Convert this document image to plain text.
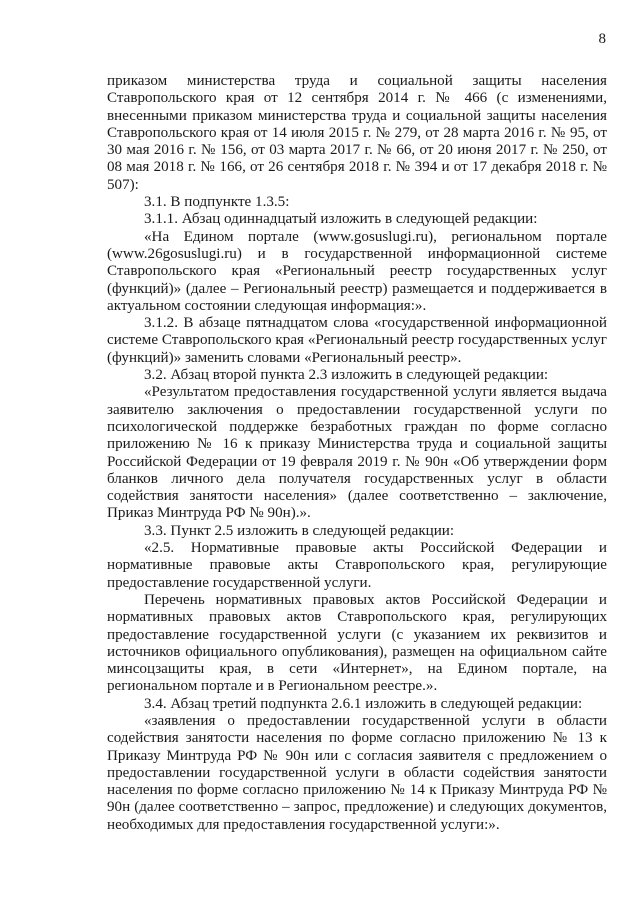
8

приказом министерства труда и социальной защиты населения Ставропольского края от 12 сентября 2014 г. № 466 (с изменениями, внесенными приказом министерства труда и социальной защиты населения Ставропольского края от 14 июля 2015 г. № 279, от 28 марта 2016 г. № 95, от 30 мая 2016 г. № 156, от 03 марта 2017 г. № 66, от 20 июня 2017 г. № 250, от 08 мая 2018 г. № 166, от 26 сентября 2018 г. № 394 и от 17 декабря 2018 г. № 507):

3.1. В подпункте 1.3.5:

3.1.1. Абзац одиннадцатый изложить в следующей редакции:

«На Едином портале (www.gosuslugi.ru), региональном портале (www.26gosuslugi.ru) и в государственной информационной системе Ставропольского края «Региональный реестр государственных услуг (функций)» (далее – Региональный реестр) размещается и поддерживается в актуальном состоянии следующая информация:».

3.1.2. В абзаце пятнадцатом слова «государственной информационной системе Ставропольского края «Региональный реестр государственных услуг (функций)» заменить словами «Региональный реестр».

3.2. Абзац второй пункта 2.3 изложить в следующей редакции:

«Результатом предоставления государственной услуги является выдача заявителю заключения о предоставлении государственной услуги по психологической поддержке безработных граждан по форме согласно приложению № 16 к приказу Министерства труда и социальной защиты Российской Федерации от 19 февраля 2019 г. № 90н «Об утверждении форм бланков личного дела получателя государственных услуг в области содействия занятости населения» (далее соответственно – заключение, Приказ Минтруда РФ № 90н).».

3.3. Пункт 2.5 изложить в следующей редакции:

«2.5. Нормативные правовые акты Российской Федерации и нормативные правовые акты Ставропольского края, регулирующие предоставление государственной услуги.

Перечень нормативных правовых актов Российской Федерации и нормативных правовых актов Ставропольского края, регулирующих предоставление государственной услуги (с указанием их реквизитов и источников официального опубликования), размещен на официальном сайте минсоцзащиты края, в сети «Интернет», на Едином портале, на региональном портале и в Региональном реестре.».

3.4. Абзац третий подпункта 2.6.1 изложить в следующей редакции:

«заявления о предоставлении государственной услуги в области содействия занятости населения по форме согласно приложению № 13 к Приказу Минтруда РФ № 90н или с согласия заявителя с предложением о предоставлении государственной услуги в области содействия занятости населения по форме согласно приложению № 14 к Приказу Минтруда РФ № 90н (далее соответственно – запрос, предложение) и следующих документов, необходимых для предоставления государственной услуги:».
